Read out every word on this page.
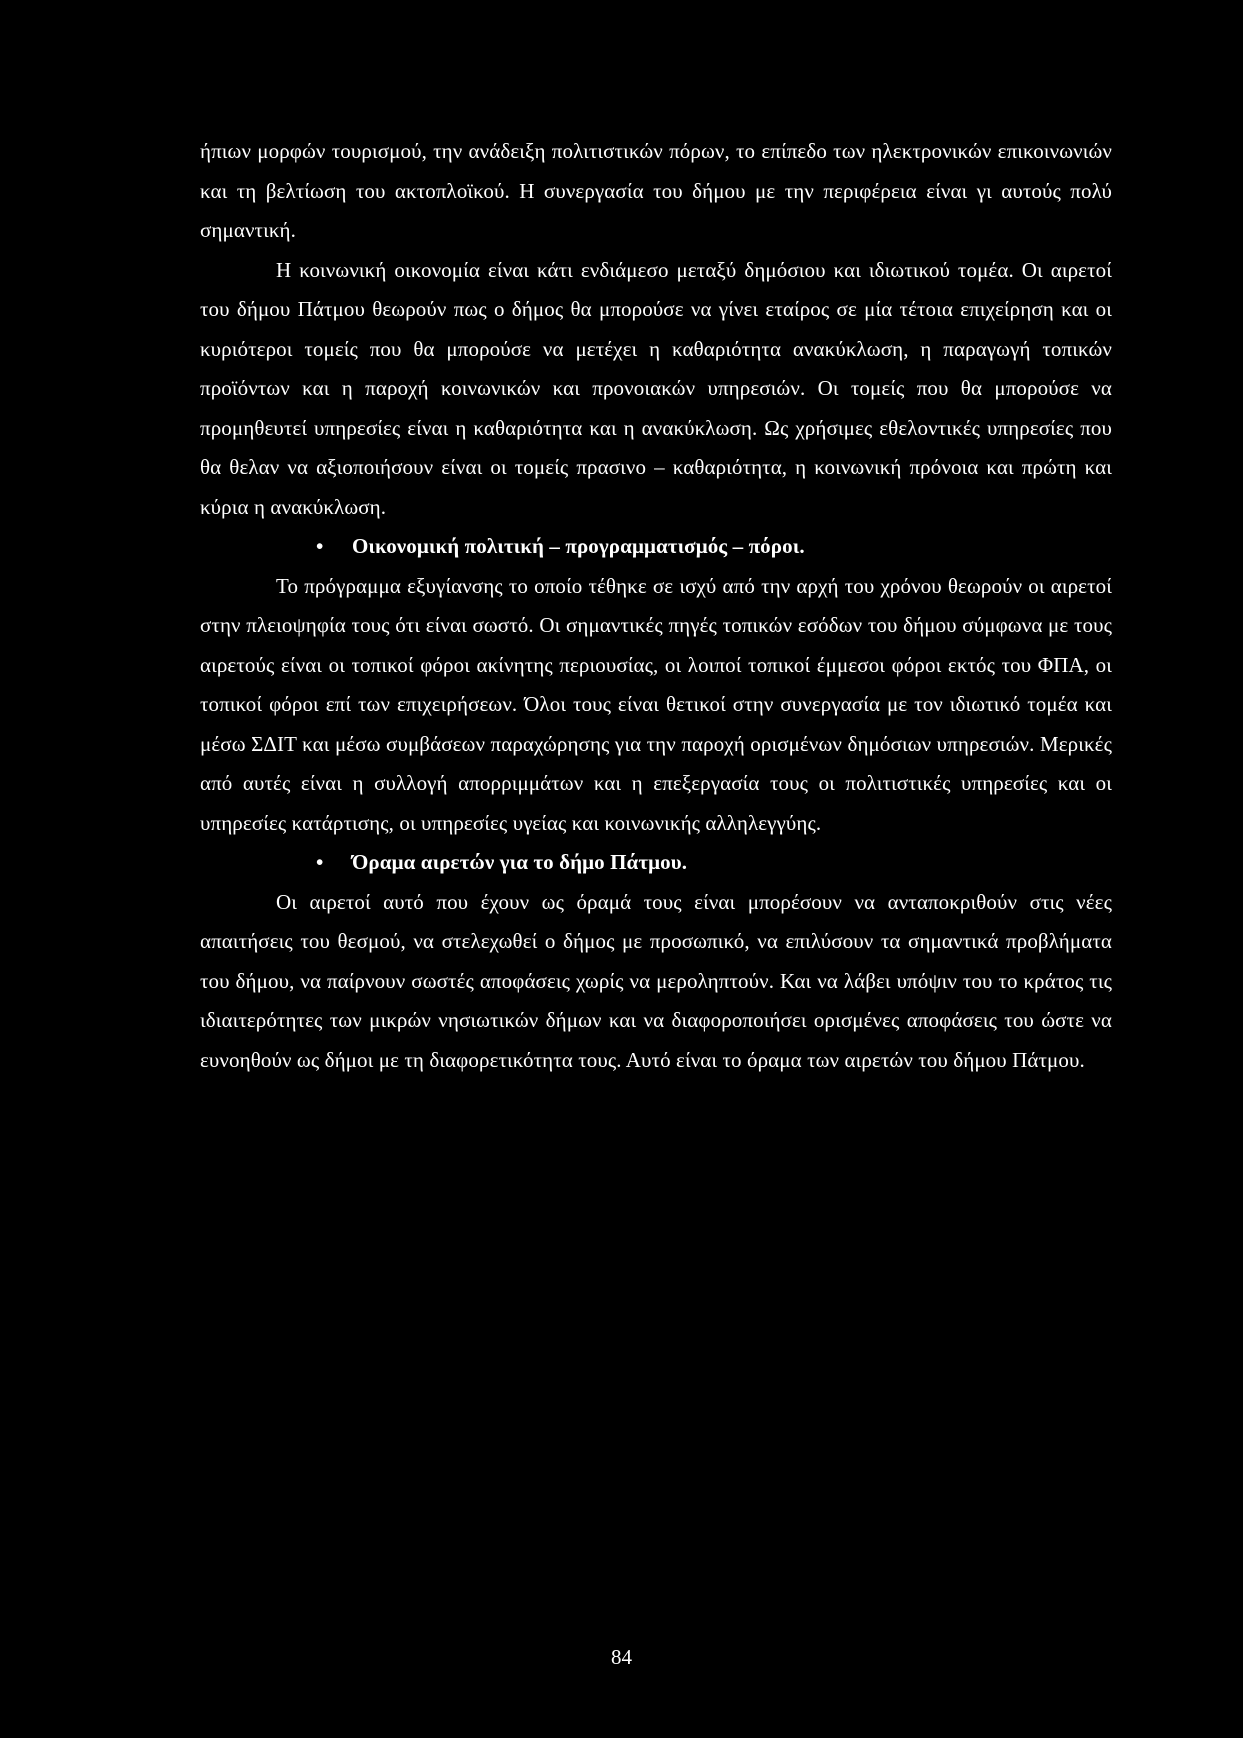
ήπιων μορφών τουρισμού, την ανάδειξη πολιτιστικών πόρων, το επίπεδο των ηλεκτρονικών επικοινωνιών και τη βελτίωση του ακτοπλοϊκού. Η συνεργασία του δήμου με την περιφέρεια είναι γι αυτούς πολύ σημαντική.

Η κοινωνική οικονομία είναι κάτι ενδιάμεσο μεταξύ δημόσιου και ιδιωτικού τομέα. Οι αιρετοί του δήμου Πάτμου θεωρούν πως ο δήμος θα μπορούσε να γίνει εταίρος σε μία τέτοια επιχείρηση και οι κυριότεροι τομείς που θα μπορούσε να μετέχει η καθαριότητα ανακύκλωση, η παραγωγή τοπικών προϊόντων και η παροχή κοινωνικών και προνοιακών υπηρεσιών. Οι τομείς που θα μπορούσε να προμηθευτεί υπηρεσίες είναι η καθαριότητα και η ανακύκλωση. Ως χρήσιμες εθελοντικές υπηρεσίες που θα θελαν να αξιοποιήσουν είναι οι τομείς πρασινο – καθαριότητα, η κοινωνική πρόνοια και πρώτη και κύρια η ανακύκλωση.

• Οικονομική πολιτική – προγραμματισμός – πόροι.

Το πρόγραμμα εξυγίανσης το οποίο τέθηκε σε ισχύ από την αρχή του χρόνου θεωρούν οι αιρετοί στην πλειοψηφία τους ότι είναι σωστό. Οι σημαντικές πηγές τοπικών εσόδων του δήμου σύμφωνα με τους αιρετούς είναι οι τοπικοί φόροι ακίνητης περιουσίας, οι λοιποί τοπικοί έμμεσοι φόροι εκτός του ΦΠΑ, οι τοπικοί φόροι επί των επιχειρήσεων. Όλοι τους είναι θετικοί στην συνεργασία με τον ιδιωτικό τομέα και μέσω ΣΔΙΤ και μέσω συμβάσεων παραχώρησης για την παροχή ορισμένων δημόσιων υπηρεσιών. Μερικές από αυτές είναι η συλλογή απορριμμάτων και η επεξεργασία τους οι πολιτιστικές υπηρεσίες και οι υπηρεσίες κατάρτισης, οι υπηρεσίες υγείας και κοινωνικής αλληλεγγύης.

• Όραμα αιρετών για το δήμο Πάτμου.

Οι αιρετοί αυτό που έχουν ως όραμά τους είναι μπορέσουν να ανταποκριθούν στις νέες απαιτήσεις του θεσμού, να στελεχωθεί ο δήμος με προσωπικό, να επιλύσουν τα σημαντικά προβλήματα του δήμου, να παίρνουν σωστές αποφάσεις χωρίς να μεροληπτούν. Και να λάβει υπόψιν του το κράτος τις ιδιαιτερότητες των μικρών νησιωτικών δήμων και να διαφοροποιήσει ορισμένες αποφάσεις του ώστε να ευνοηθούν ως δήμοι με τη διαφορετικότητα τους. Αυτό είναι το όραμα των αιρετών του δήμου Πάτμου.

84
